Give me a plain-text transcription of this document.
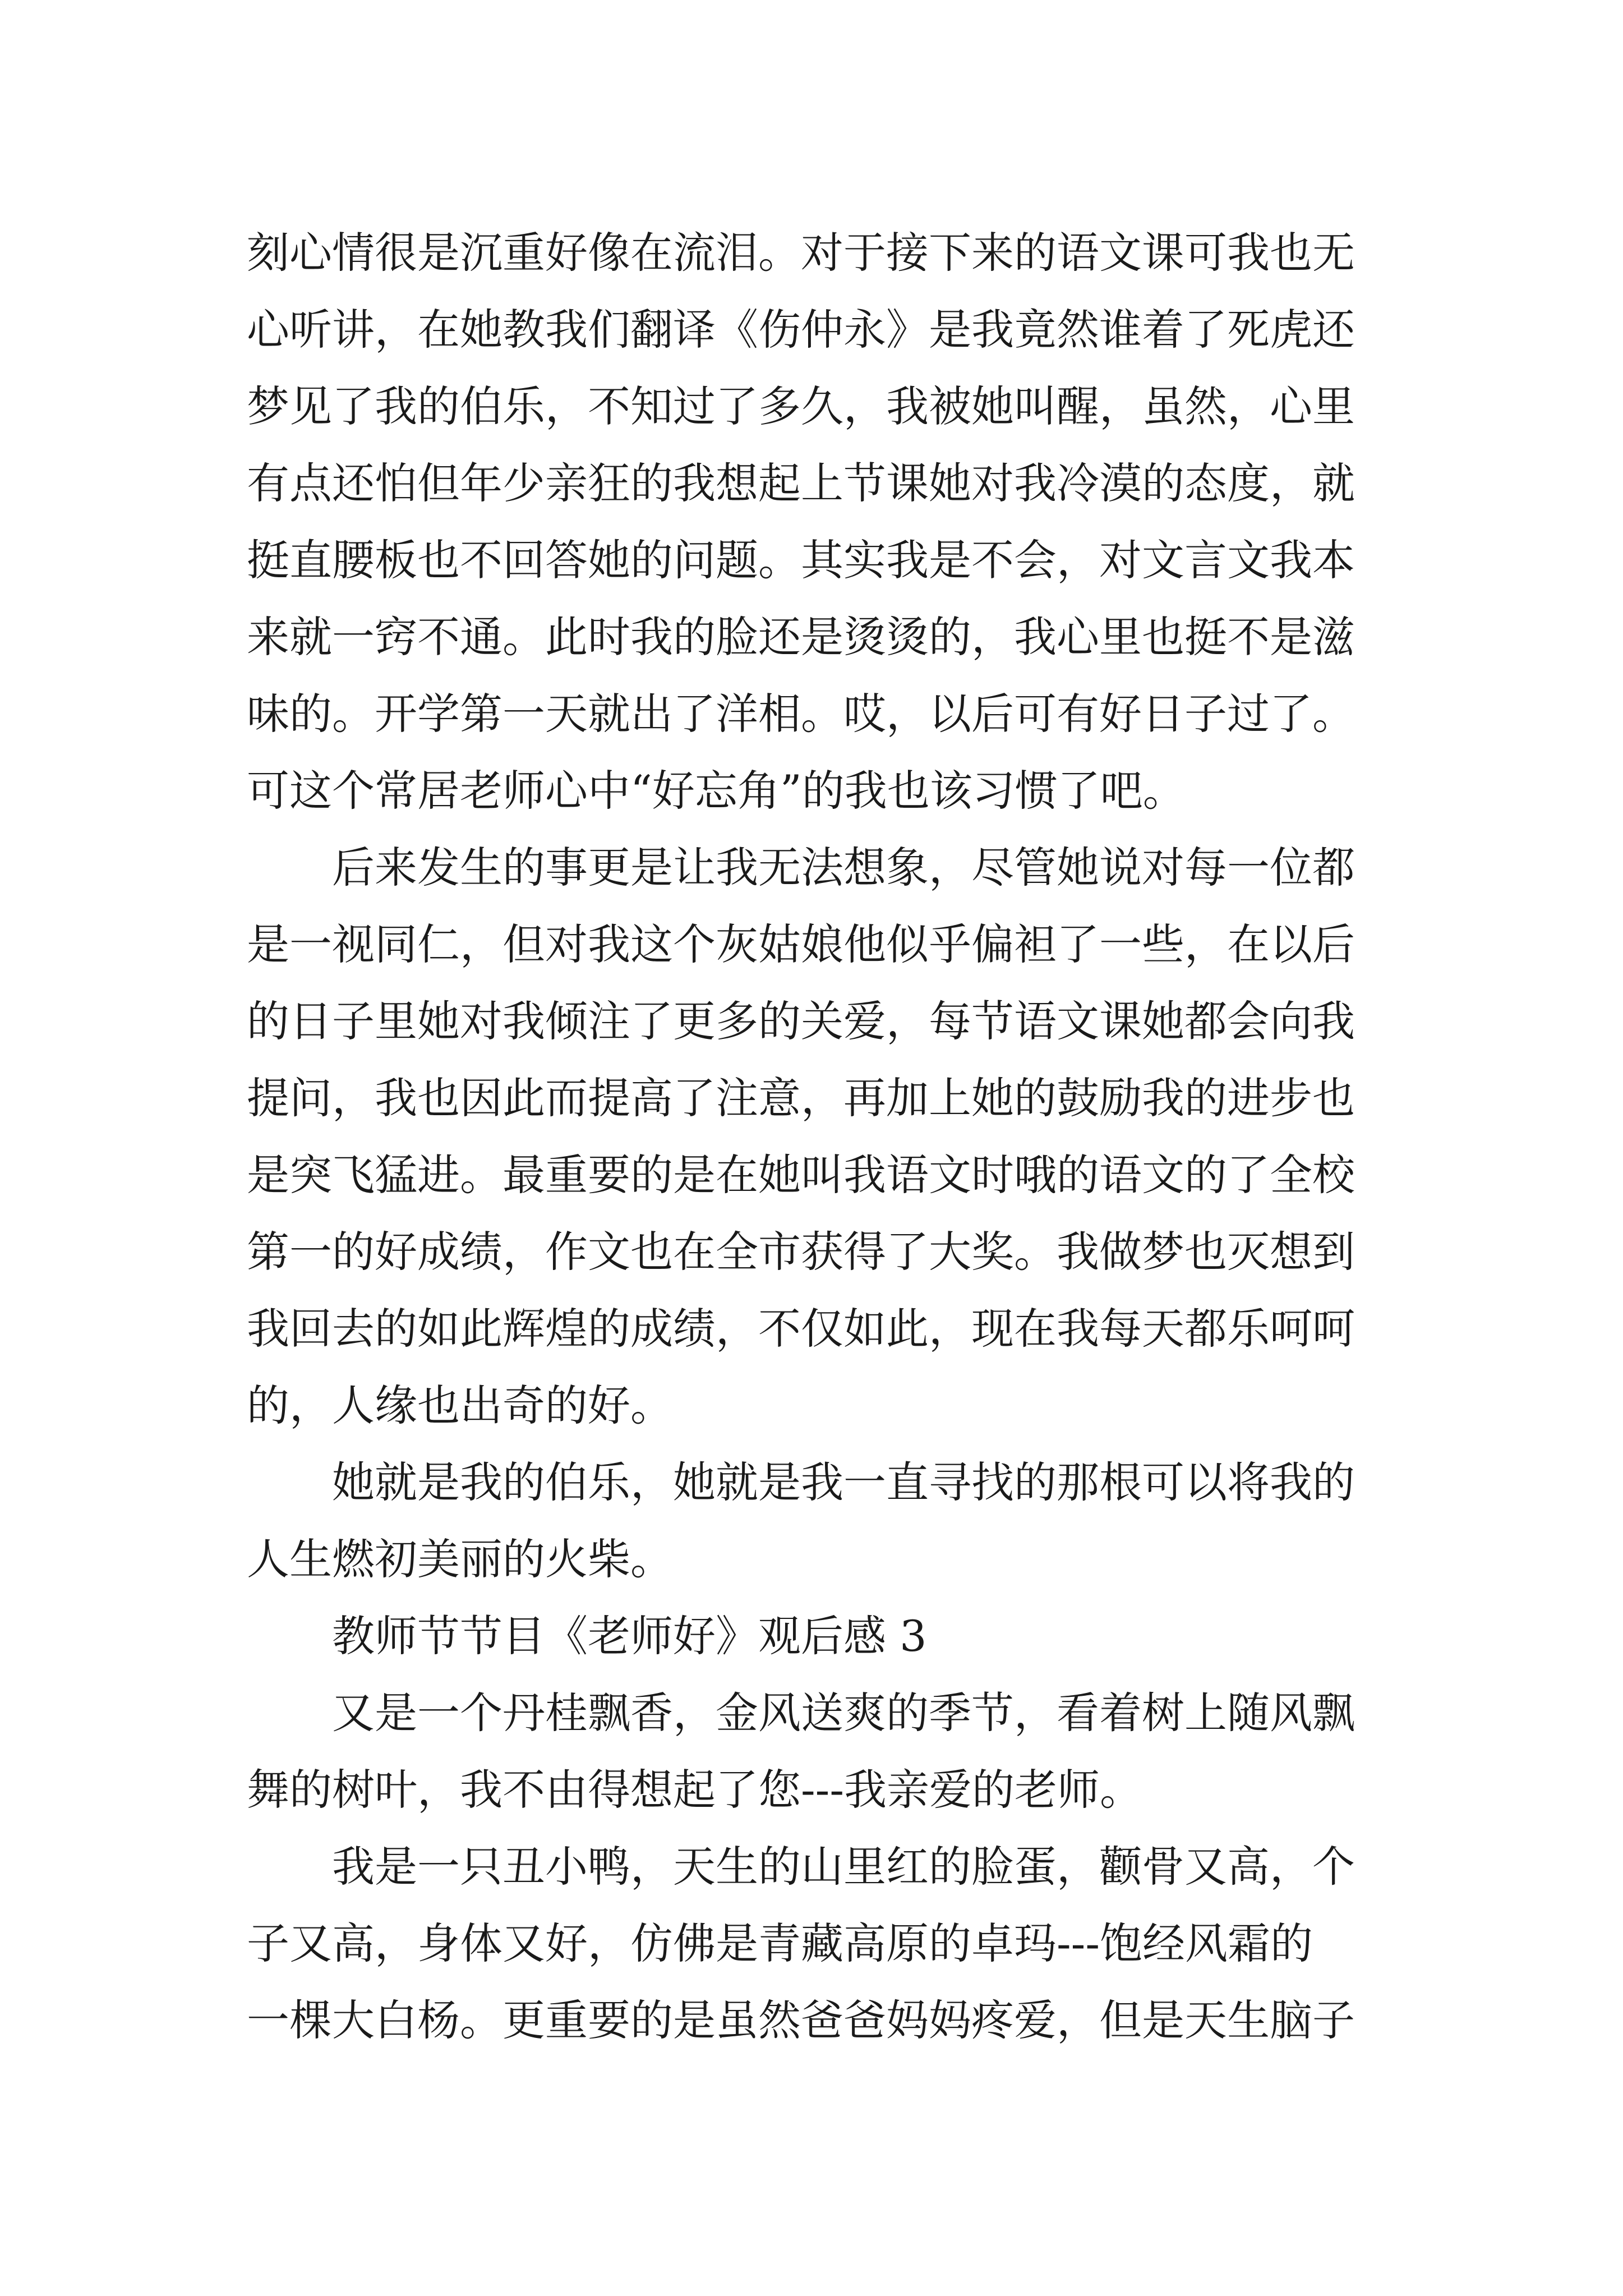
刻心情很是沉重好像在流泪。对于接下来的语文课可我也无
心听讲，在她教我们翻译《伤仲永》是我竟然谁着了死虎还
梦见了我的伯乐，不知过了多久，我被她叫醒，虽然，心里
有点还怕但年少亲狂的我想起上节课她对我冷漠的态度，就
挺直腰板也不回答她的问题。其实我是不会，对文言文我本
来就一窍不通。此时我的脸还是烫烫的，我心里也挺不是滋
味的。开学第一天就出了洋相。哎，以后可有好日子过了。
可这个常居老师心中“好忘角”的我也该习惯了吧。
后来发生的事更是让我无法想象，尽管她说对每一位都
是一视同仁，但对我这个灰姑娘他似乎偏袒了一些，在以后
的日子里她对我倾注了更多的关爱，每节语文课她都会向我
提问，我也因此而提高了注意，再加上她的鼓励我的进步也
是突飞猛进。最重要的是在她叫我语文时哦的语文的了全校
第一的好成绩，作文也在全市获得了大奖。我做梦也灭想到
我回去的如此辉煌的成绩，不仅如此，现在我每天都乐呵呵
的，人缘也出奇的好。
她就是我的伯乐，她就是我一直寻找的那根可以将我的
人生燃初美丽的火柴。
教师节节目《老师好》观后感 3
又是一个丹桂飘香，金风送爽的季节，看着树上随风飘
舞的树叶，我不由得想起了您---我亲爱的老师。
我是一只丑小鸭，天生的山里红的脸蛋，颧骨又高，个
子又高，身体又好，仿佛是青藏高原的卓玛---饱经风霜的
一棵大白杨。更重要的是虽然爸爸妈妈疼爱，但是天生脑子
